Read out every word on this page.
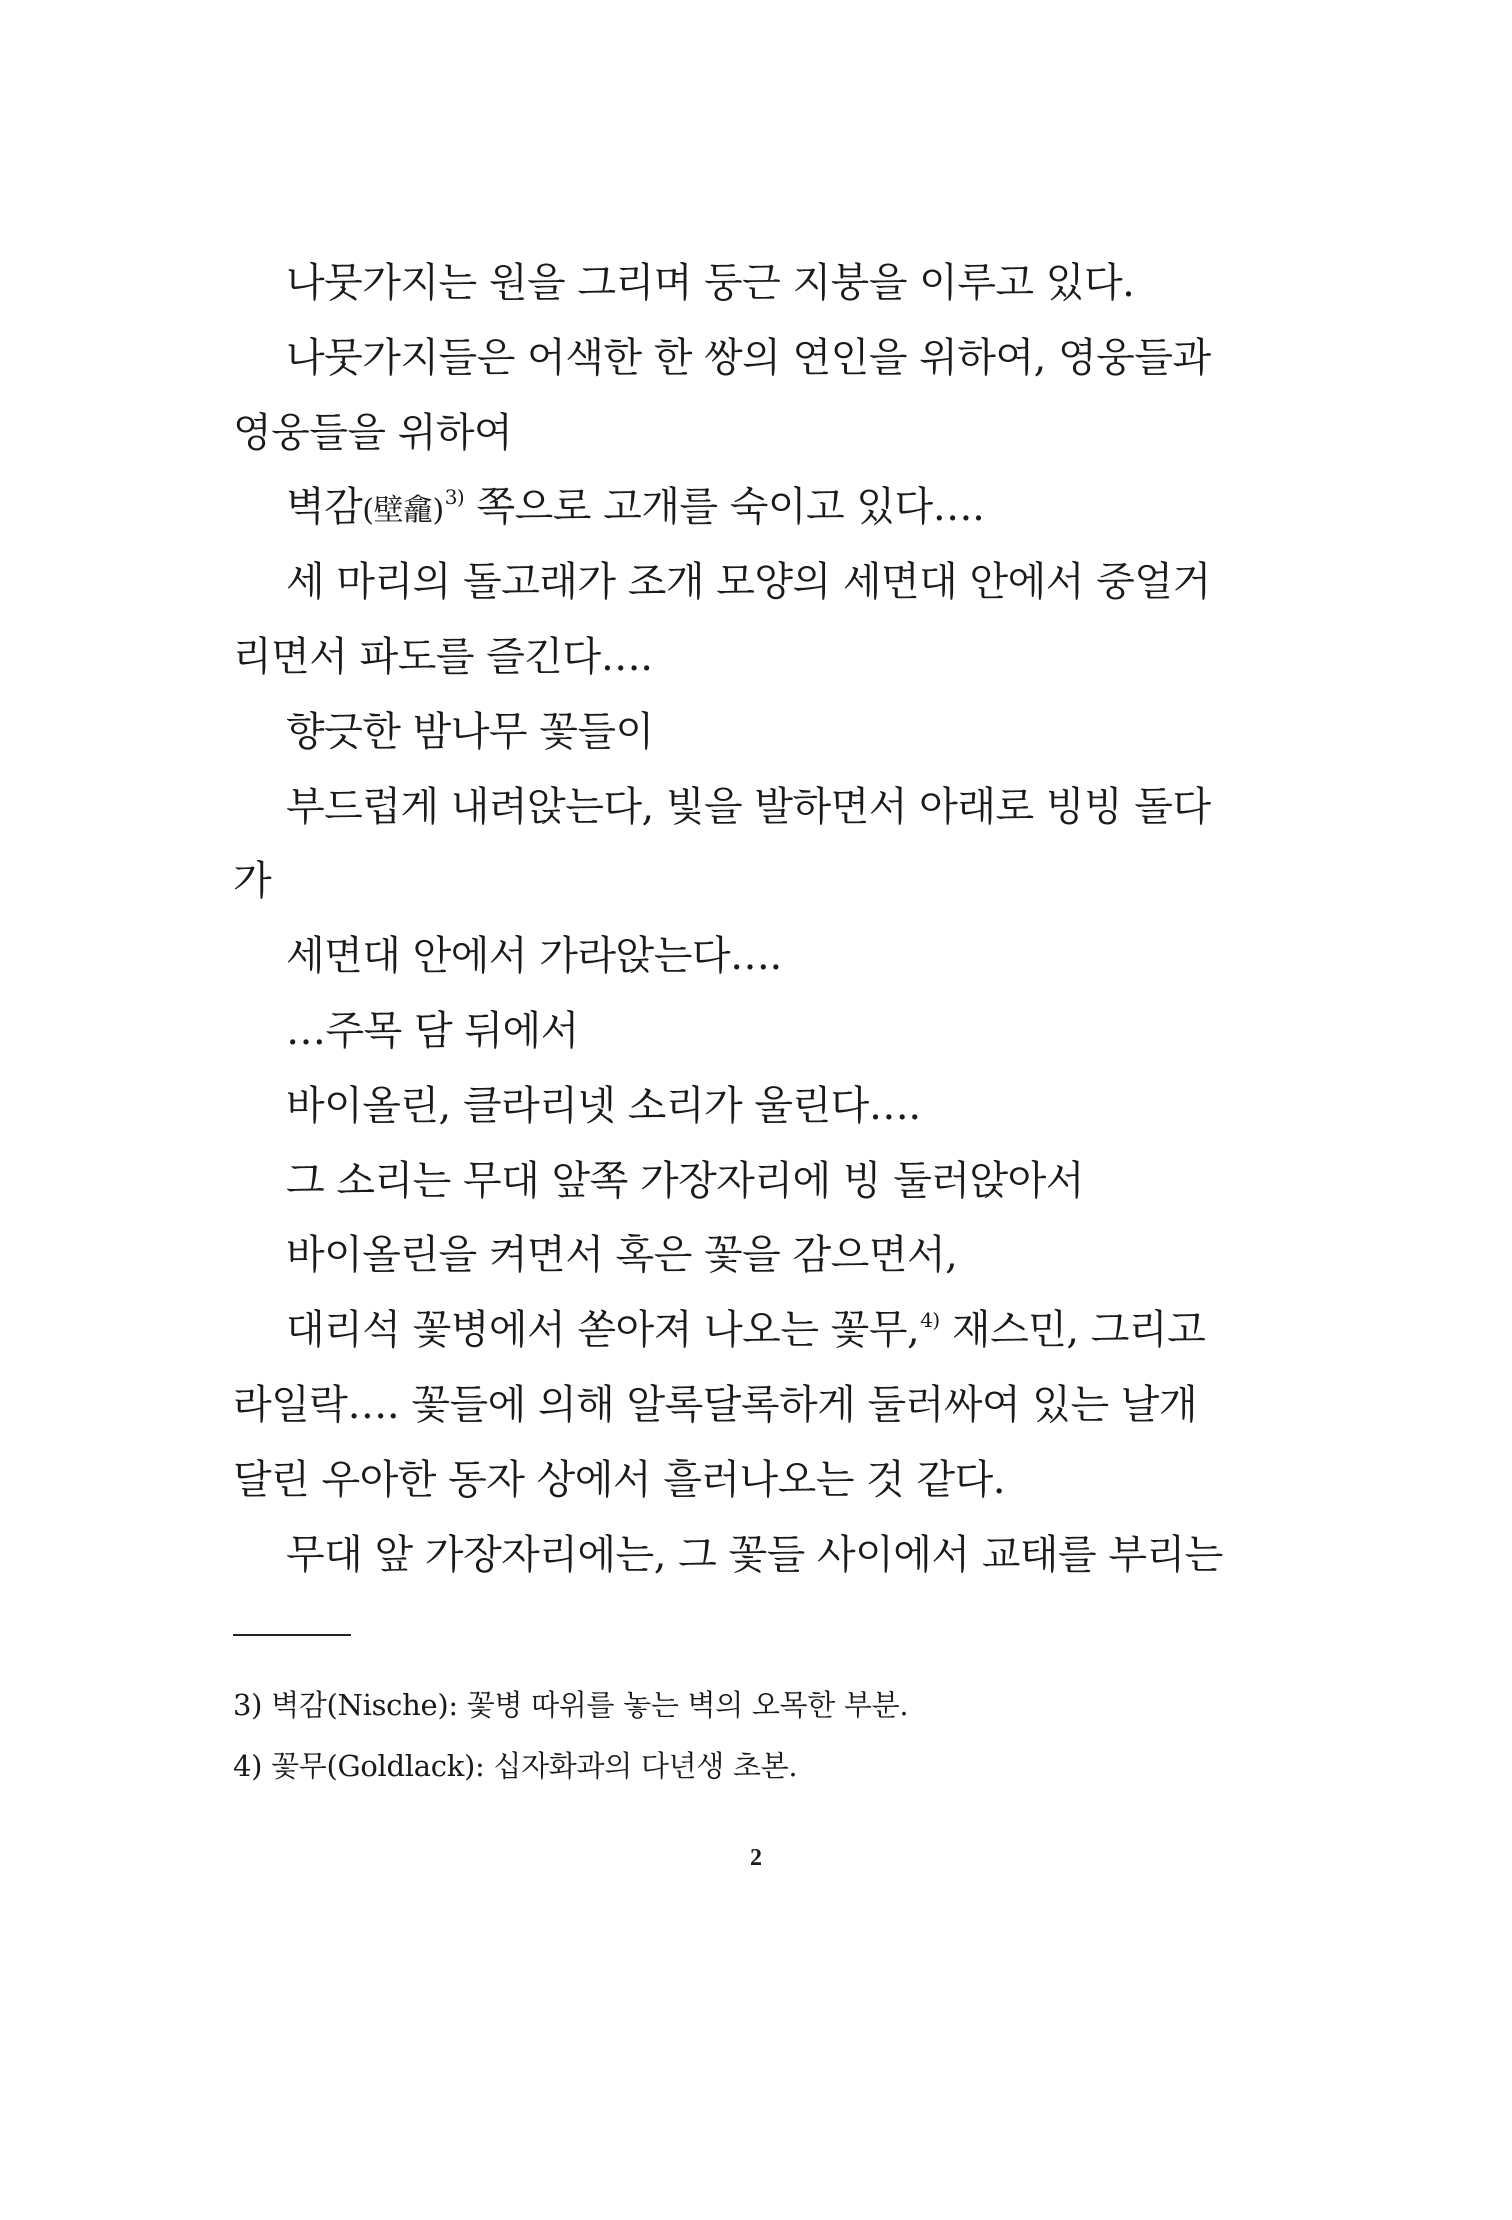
나뭇가지는 원을 그리며 둥근 지붕을 이루고 있다.
나뭇가지들은 어색한 한 쌍의 연인을 위하여, 영웅들과
영웅들을 위하여
벽감(壁龕)$^{3)}$ 쪽으로 고개를 숙이고 있다….
세 마리의 돌고래가 조개 모양의 세면대 안에서 중얼거
리면서 파도를 즐긴다….
향긋한 밤나무 꽃들이
부드럽게 내려앉는다, 빛을 발하면서 아래로 빙빙 돌다
가
세면대 안에서 가라앉는다….
…주목 담 뒤에서
바이올린, 클라리넷 소리가 울린다….
그 소리는 무대 앞쪽 가장자리에 빙 둘러앉아서
바이올린을 켜면서 혹은 꽃을 감으면서,
대리석 꽃병에서 쏟아져 나오는 꽃무,$^{4)}$ 재스민, 그리고
라일락…. 꽃들에 의해 알록달록하게 둘러싸여 있는 날개
달린 우아한 동자 상에서 흘러나오는 것 같다.
무대 앞 가장자리에는, 그 꽃들 사이에서 교태를 부리는
3) 벽감(Nische): 꽃병 따위를 놓는 벽의 오목한 부분.
4) 꽃무(Goldlack): 십자화과의 다년생 초본.
2
